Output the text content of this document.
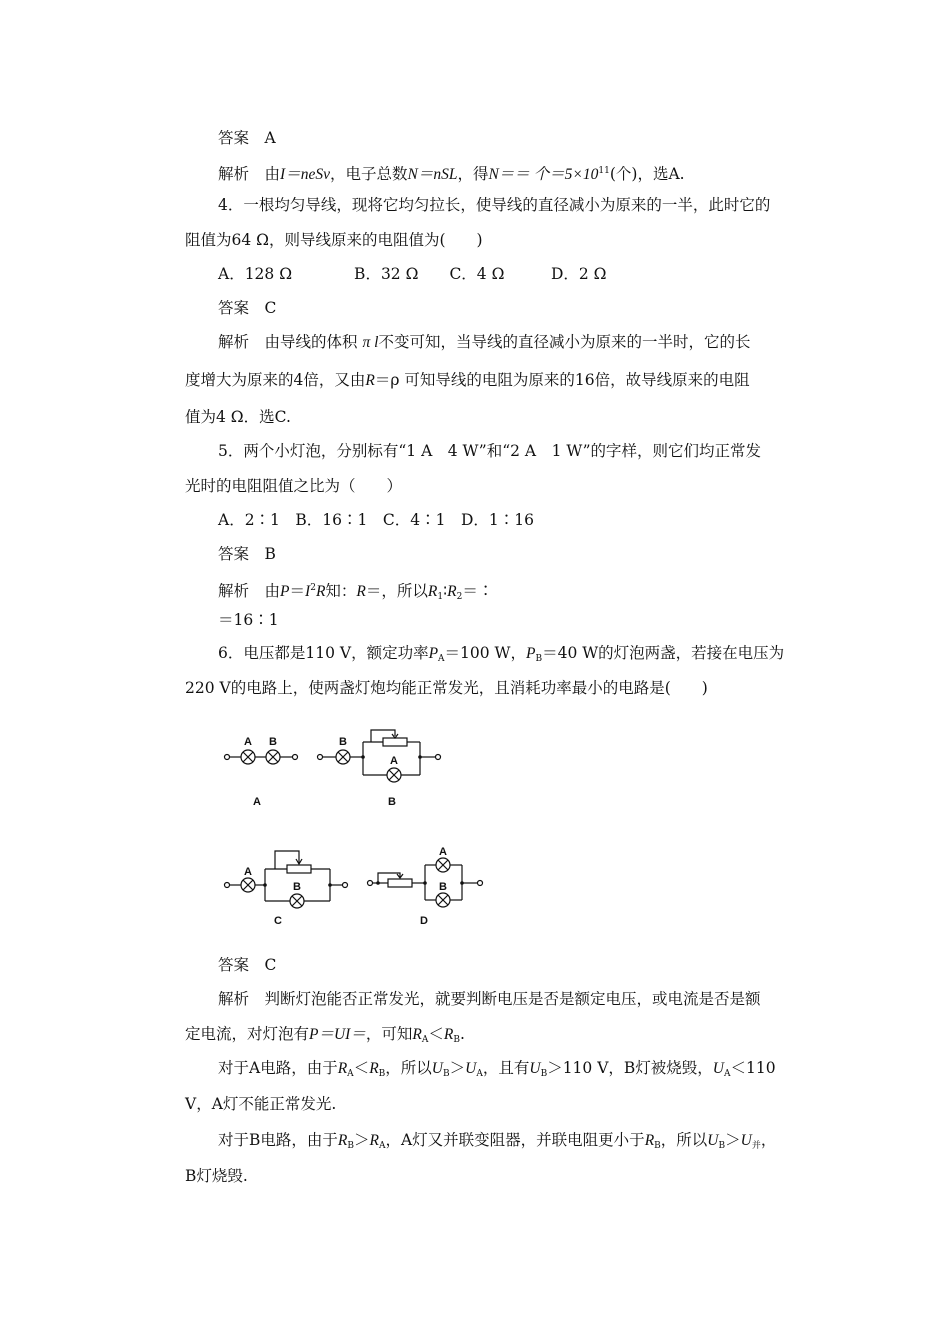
答案　 A
解析　 由I＝neSv，电子总数N＝nSL，得N＝＝ 个$=5\times 10^{11}$(个)，选A.
4．一根均匀导线，现将它均匀拉长，使导线的直径减小为原来的一半，此时它的
阻值为64 Ω，则导线原来的电阻值为(　　)
A．128 Ω　　　　B．32 Ω　　C．4 Ω　　　D．2 Ω
答案　 C
解析　 由导线的体积 π l不变可知，当导线的直径减小为原来的一半时，它的长
度增大为原来的4倍，又由R＝ρ 可知导线的电阻为原来的16倍，故导线原来的电阻
值为4 Ω．选C.
5．两个小灯泡，分别标有“1 A　4 W”和“2 A　1 W”的字样，则它们均正常发
光时的电阻阻值之比为（　　）
A．2∶1　B．16∶1　C．4∶1　D．1∶16
答案　 B
解析　 由$P=I^2R$知：R＝，所以$R_1∶R_2=∶$
＝16∶1
6．电压都是110 V，额定功率$P_A=100$ W，$P_B=40$ W的灯泡两盏，若接在电压为
220 V的电路上，使两盏灯炮均能正常发光，且消耗功率最小的电路是(　　)
A B
A
B
A
B
A
B
C
A
B
D
答案　 C
解析　 判断灯泡能否正常发光，就要判断电压是否是额定电压，或电流是否是额
定电流，对灯泡有P＝UI＝，可知$R_A<R_B$.
对于A电路，由于$R_A<R_B$，所以$U_B>U_A$，且有$U_B>110$ V，B灯被烧毁，$U_A<110$
V，A灯不能正常发光.
对于B电路，由于$R_B>R_A$，A灯又并联变阻器，并联电阻更小于$R_B$，所以$U_B>U_并$，
B灯烧毁.
